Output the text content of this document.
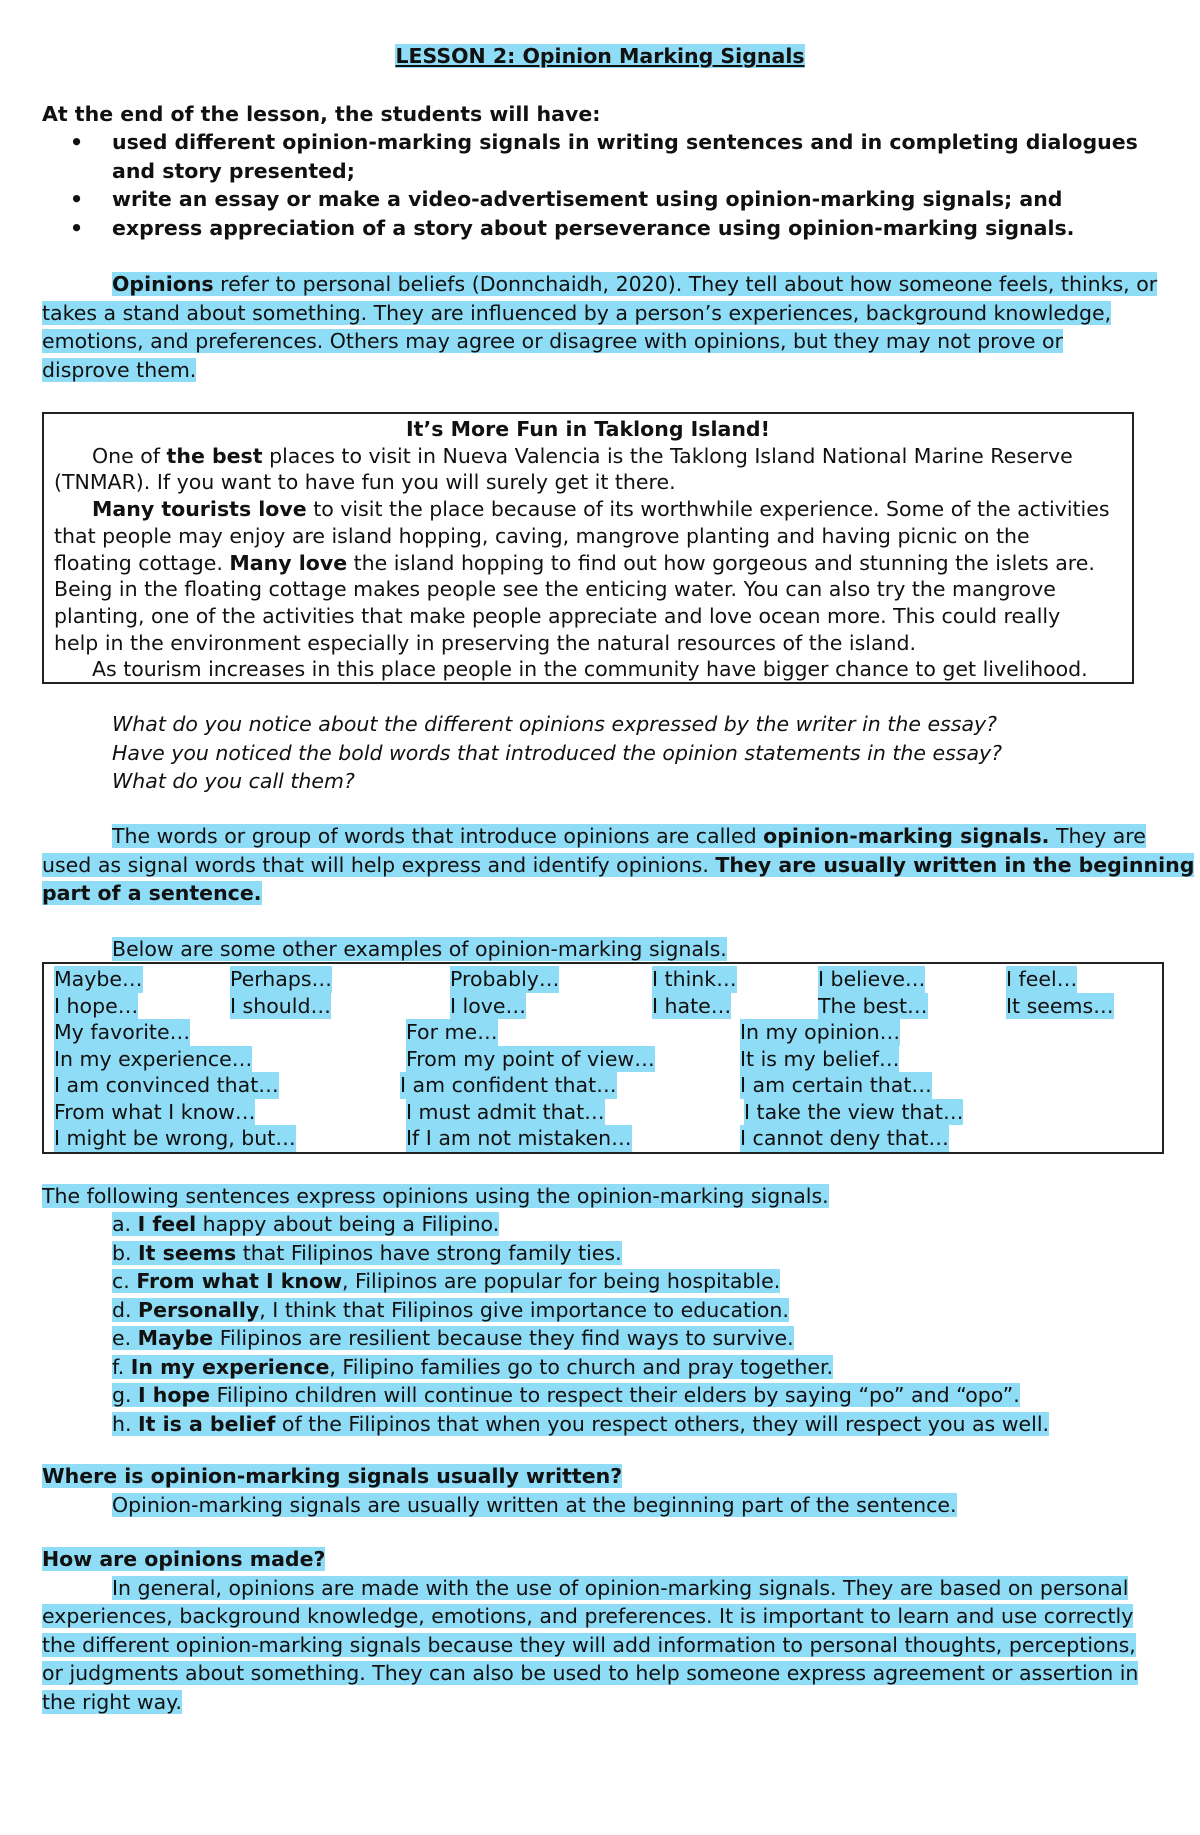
LESSON 2: Opinion Marking Signals
At the end of the lesson, the students will have:
• used different opinion-marking signals in writing sentences and in completing dialogues and story presented;
• write an essay or make a video-advertisement using opinion-marking signals; and
• express appreciation of a story about perseverance using opinion-marking signals.
Opinions refer to personal beliefs (Donnchaidh, 2020). They tell about how someone feels, thinks, or
takes a stand about something. They are influenced by a person’s experiences, background knowledge,
emotions, and preferences. Others may agree or disagree with opinions, but they may not prove or
disprove them.
It’s More Fun in Taklong Island!
One of the best places to visit in Nueva Valencia is the Taklong Island National Marine Reserve
(TNMAR). If you want to have fun you will surely get it there.
Many tourists love to visit the place because of its worthwhile experience. Some of the activities
that people may enjoy are island hopping, caving, mangrove planting and having picnic on the
floating cottage. Many love the island hopping to find out how gorgeous and stunning the islets are.
Being in the floating cottage makes people see the enticing water. You can also try the mangrove
planting, one of the activities that make people appreciate and love ocean more. This could really
help in the environment especially in preserving the natural resources of the island.
As tourism increases in this place people in the community have bigger chance to get livelihood.
What do you notice about the different opinions expressed by the writer in the essay?
Have you noticed the bold words that introduced the opinion statements in the essay?
What do you call them?
The words or group of words that introduce opinions are called opinion-marking signals. They are
used as signal words that will help express and identify opinions. They are usually written in the beginning
part of a sentence.
Below are some other examples of opinion-marking signals.
Maybe…	Perhaps…	Probably…	I think…	I believe…	I feel…
I hope…	I should…	I love…	I hate…	The best…	It seems…
My favorite…	For me…	In my opinion…
In my experience…	From my point of view…	It is my belief…
I am convinced that…	I am confident that…	I am certain that…
From what I know…	I must admit that…	I take the view that…
I might be wrong, but…	If I am not mistaken…	I cannot deny that…
The following sentences express opinions using the opinion-marking signals.
a. I feel happy about being a Filipino.
b. It seems that Filipinos have strong family ties.
c. From what I know, Filipinos are popular for being hospitable.
d. Personally, I think that Filipinos give importance to education.
e. Maybe Filipinos are resilient because they find ways to survive.
f. In my experience, Filipino families go to church and pray together.
g. I hope Filipino children will continue to respect their elders by saying “po” and “opo”.
h. It is a belief of the Filipinos that when you respect others, they will respect you as well.
Where is opinion-marking signals usually written?
Opinion-marking signals are usually written at the beginning part of the sentence.
How are opinions made?
In general, opinions are made with the use of opinion-marking signals. They are based on personal
experiences, background knowledge, emotions, and preferences. It is important to learn and use correctly
the different opinion-marking signals because they will add information to personal thoughts, perceptions,
or judgments about something. They can also be used to help someone express agreement or assertion in
the right way.
